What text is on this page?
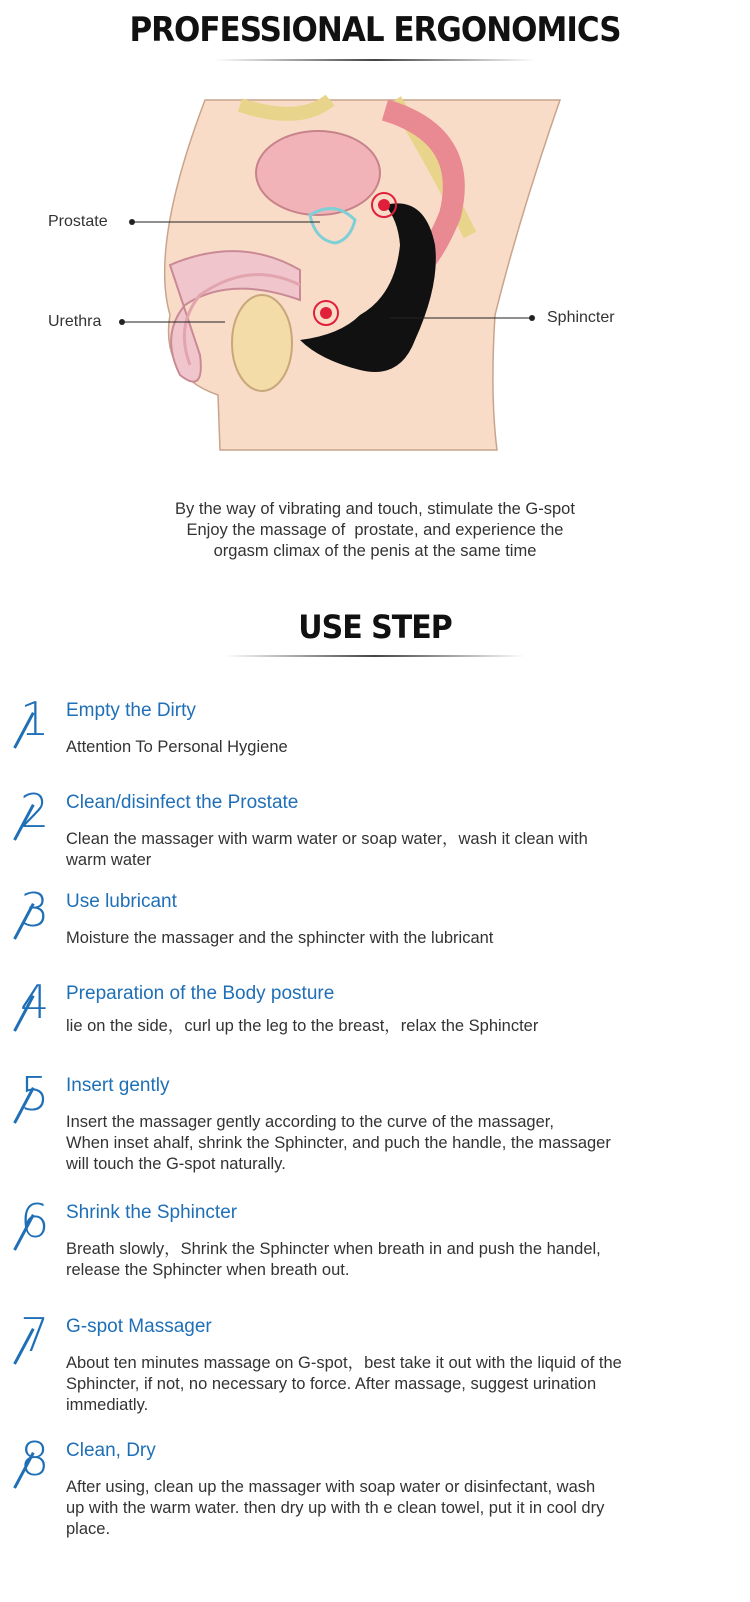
PROFESSIONAL ERGONOMICS
Prostate
Urethra	Sphincter
By the way of vibrating and touch, stimulate the G-spot
Enjoy the massage of  prostate, and experience the
orgasm climax of the penis at the same time
USE STEP
1 Empty the Dirty
Attention To Personal Hygiene
2 Clean/disinfect the Prostate
Clean the massager with warm water or soap water，wash it clean with
warm water
3 Use lubricant
Moisture the massager and the sphincter with the lubricant
4 Preparation of the Body posture
lie on the side，curl up the leg to the breast，relax the Sphincter
5 Insert gently
Insert the massager gently according to the curve of the massager,
When inset ahalf, shrink the Sphincter, and puch the handle, the massager
will touch the G-spot naturally.
6 Shrink the Sphincter
Breath slowly，Shrink the Sphincter when breath in and push the handel,
release the Sphincter when breath out.
7 G-spot Massager
About ten minutes massage on G-spot，best take it out with the liquid of the
Sphincter, if not, no necessary to force. After massage, suggest urination
immediatly.
8 Clean, Dry
After using, clean up the massager with soap water or disinfectant, wash
up with the warm water. then dry up with th e clean towel, put it in cool dry
place.
